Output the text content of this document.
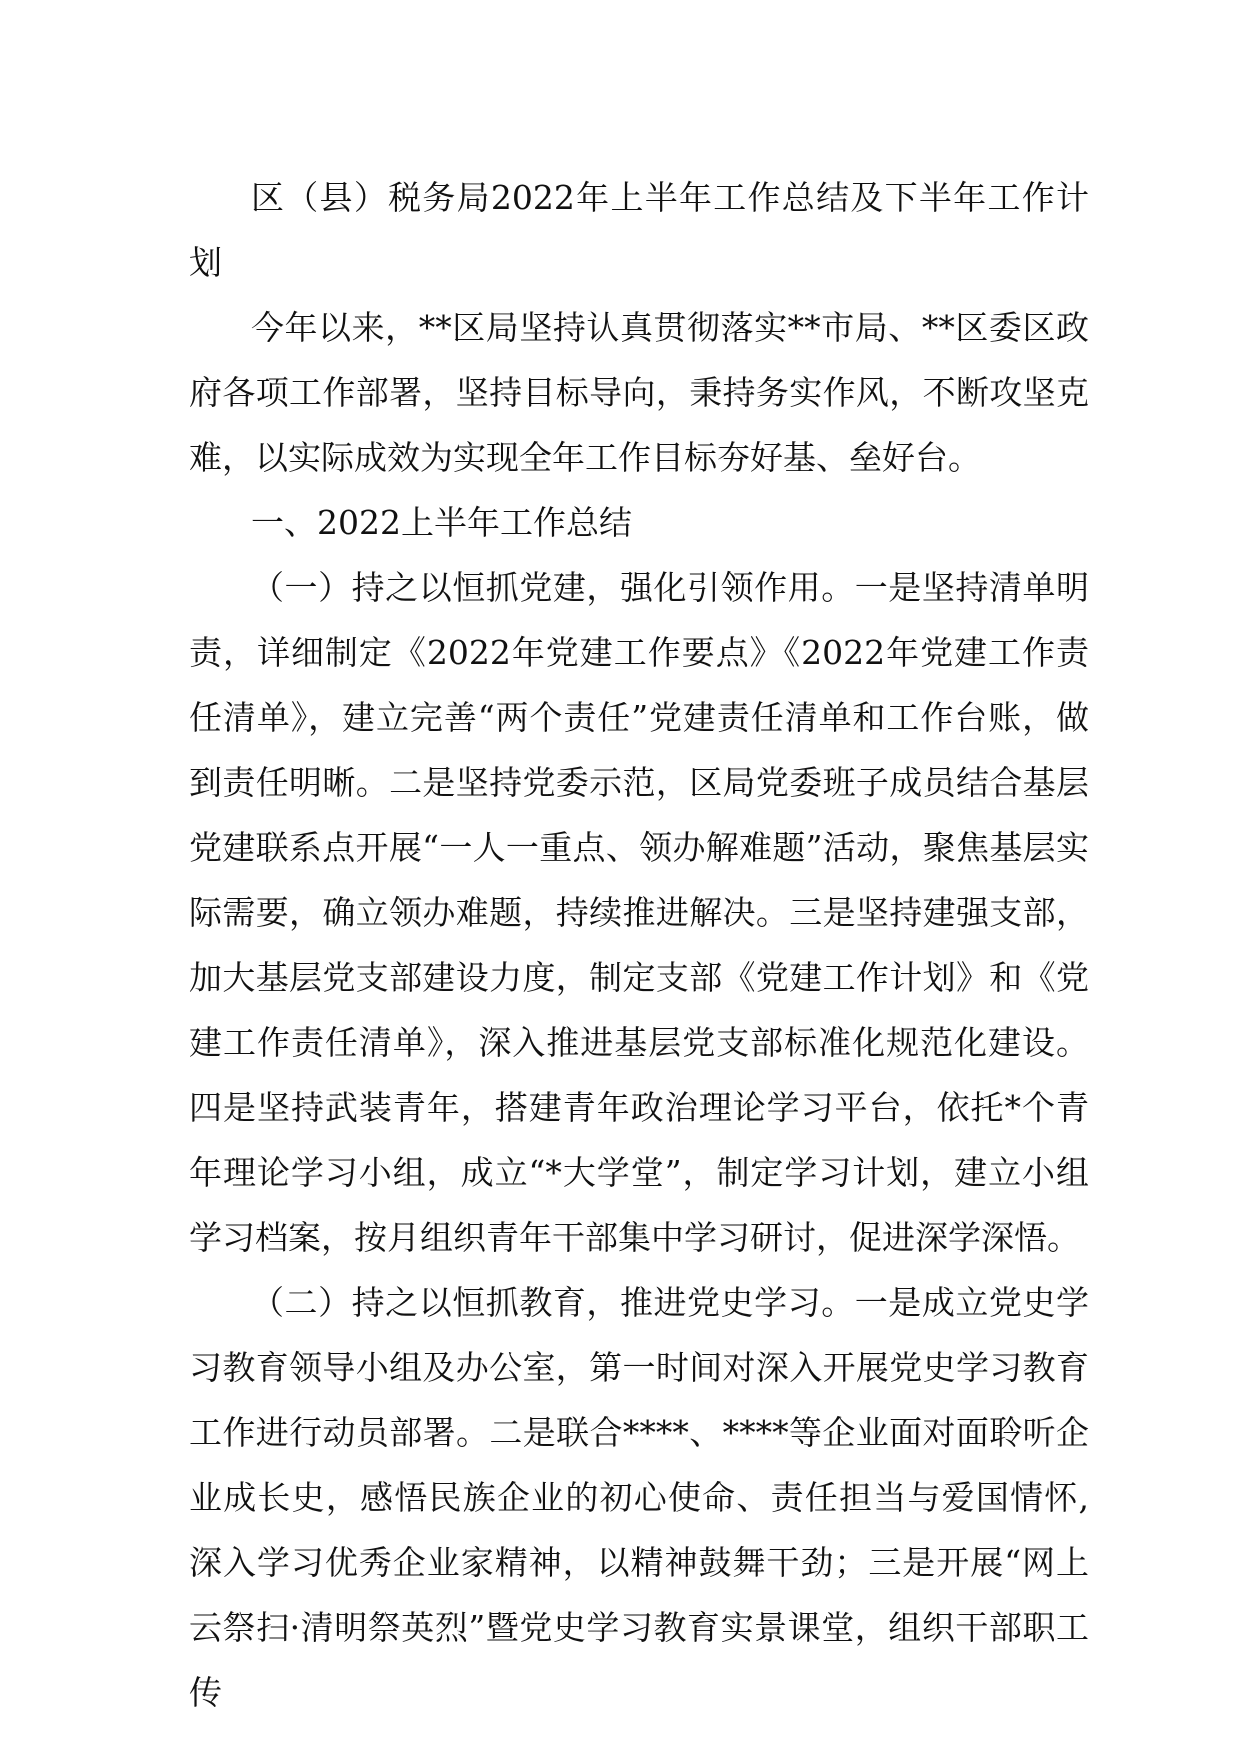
区（县）税务局2022年上半年工作总结及下半年工作计划

今年以来，**区局坚持认真贯彻落实**市局、**区委区政府各项工作部署，坚持目标导向，秉持务实作风，不断攻坚克难，以实际成效为实现全年工作目标夯好基、垒好台。

一、2022上半年工作总结

（一）持之以恒抓党建，强化引领作用。一是坚持清单明责，详细制定《2022年党建工作要点》《2022年党建工作责任清单》，建立完善“两个责任”党建责任清单和工作台账，做到责任明晰。二是坚持党委示范，区局党委班子成员结合基层党建联系点开展“一人一重点、领办解难题”活动，聚焦基层实际需要，确立领办难题，持续推进解决。三是坚持建强支部，加大基层党支部建设力度，制定支部《党建工作计划》和《党建工作责任清单》，深入推进基层党支部标准化规范化建设。四是坚持武装青年，搭建青年政治理论学习平台，依托*个青年理论学习小组，成立“*大学堂”，制定学习计划，建立小组学习档案，按月组织青年干部集中学习研讨，促进深学深悟。

（二）持之以恒抓教育，推进党史学习。一是成立党史学习教育领导小组及办公室，第一时间对深入开展党史学习教育工作进行动员部署。二是联合****、****等企业面对面聆听企业成长史，感悟民族企业的初心使命、责任担当与爱国情怀,深入学习优秀企业家精神，以精神鼓舞干劲；三是开展“网上云祭扫·清明祭英烈”暨党史学习教育实景课堂，组织干部职工传
